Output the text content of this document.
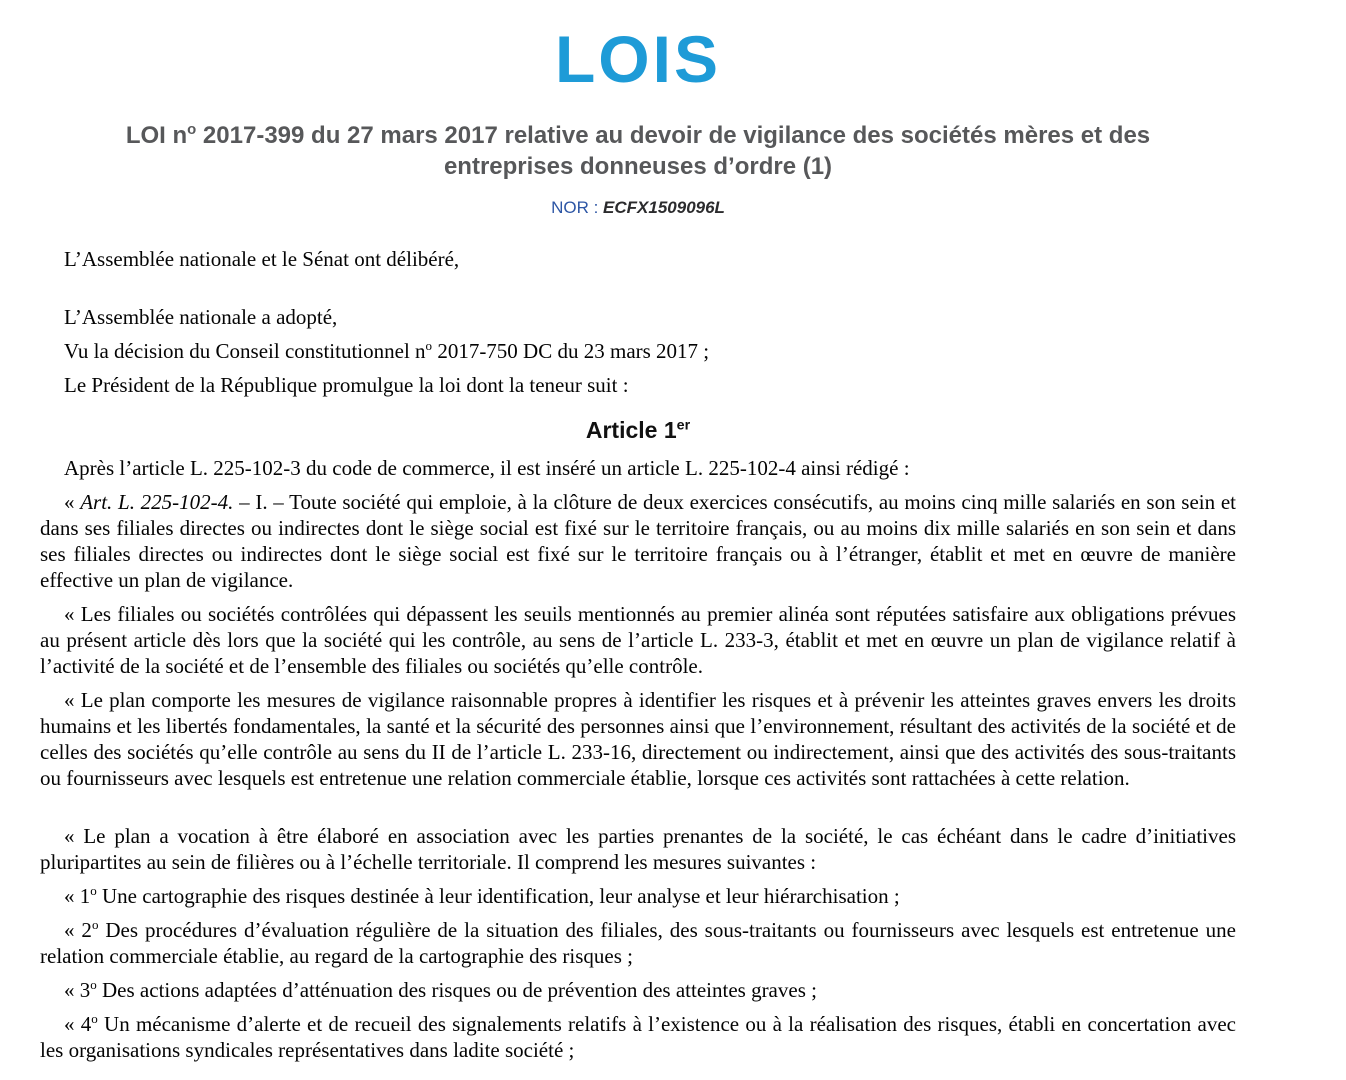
LOIS
LOI $n^o$ 2017-399 du 27 mars 2017 relative au devoir de vigilance des sociétés mères et des entreprises donneuses d’ordre (1)
NOR : ECFX1509096L

L’Assemblée nationale et le Sénat ont délibéré,

L’Assemblée nationale a adopté,

Vu la décision du Conseil constitutionnel $n^o$ 2017-750 DC du 23 mars 2017 ;

Le Président de la République promulgue la loi dont la teneur suit :

Article 1er

Après l’article L. 225-102-3 du code de commerce, il est inséré un article L. 225-102-4 ainsi rédigé :

« Art. L. 225-102-4. – I. – Toute société qui emploie, à la clôture de deux exercices consécutifs, au moins cinq mille salariés en son sein et dans ses filiales directes ou indirectes dont le siège social est fixé sur le territoire français, ou au moins dix mille salariés en son sein et dans ses filiales directes ou indirectes dont le siège social est fixé sur le territoire français ou à l’étranger, établit et met en œuvre de manière effective un plan de vigilance.

« Les filiales ou sociétés contrôlées qui dépassent les seuils mentionnés au premier alinéa sont réputées satisfaire aux obligations prévues au présent article dès lors que la société qui les contrôle, au sens de l’article L. 233-3, établit et met en œuvre un plan de vigilance relatif à l’activité de la société et de l’ensemble des filiales ou sociétés qu’elle contrôle.

« Le plan comporte les mesures de vigilance raisonnable propres à identifier les risques et à prévenir les atteintes graves envers les droits humains et les libertés fondamentales, la santé et la sécurité des personnes ainsi que l’environnement, résultant des activités de la société et de celles des sociétés qu’elle contrôle au sens du II de l’article L. 233-16, directement ou indirectement, ainsi que des activités des sous-traitants ou fournisseurs avec lesquels est entretenue une relation commerciale établie, lorsque ces activités sont rattachées à cette relation.

« Le plan a vocation à être élaboré en association avec les parties prenantes de la société, le cas échéant dans le cadre d’initiatives pluripartites au sein de filières ou à l’échelle territoriale. Il comprend les mesures suivantes :

« 1$^o$ Une cartographie des risques destinée à leur identification, leur analyse et leur hiérarchisation ;

« 2$^o$ Des procédures d’évaluation régulière de la situation des filiales, des sous-traitants ou fournisseurs avec lesquels est entretenue une relation commerciale établie, au regard de la cartographie des risques ;

« 3$^o$ Des actions adaptées d’atténuation des risques ou de prévention des atteintes graves ;

« 4$^o$ Un mécanisme d’alerte et de recueil des signalements relatifs à l’existence ou à la réalisation des risques, établi en concertation avec les organisations syndicales représentatives dans ladite société ;
